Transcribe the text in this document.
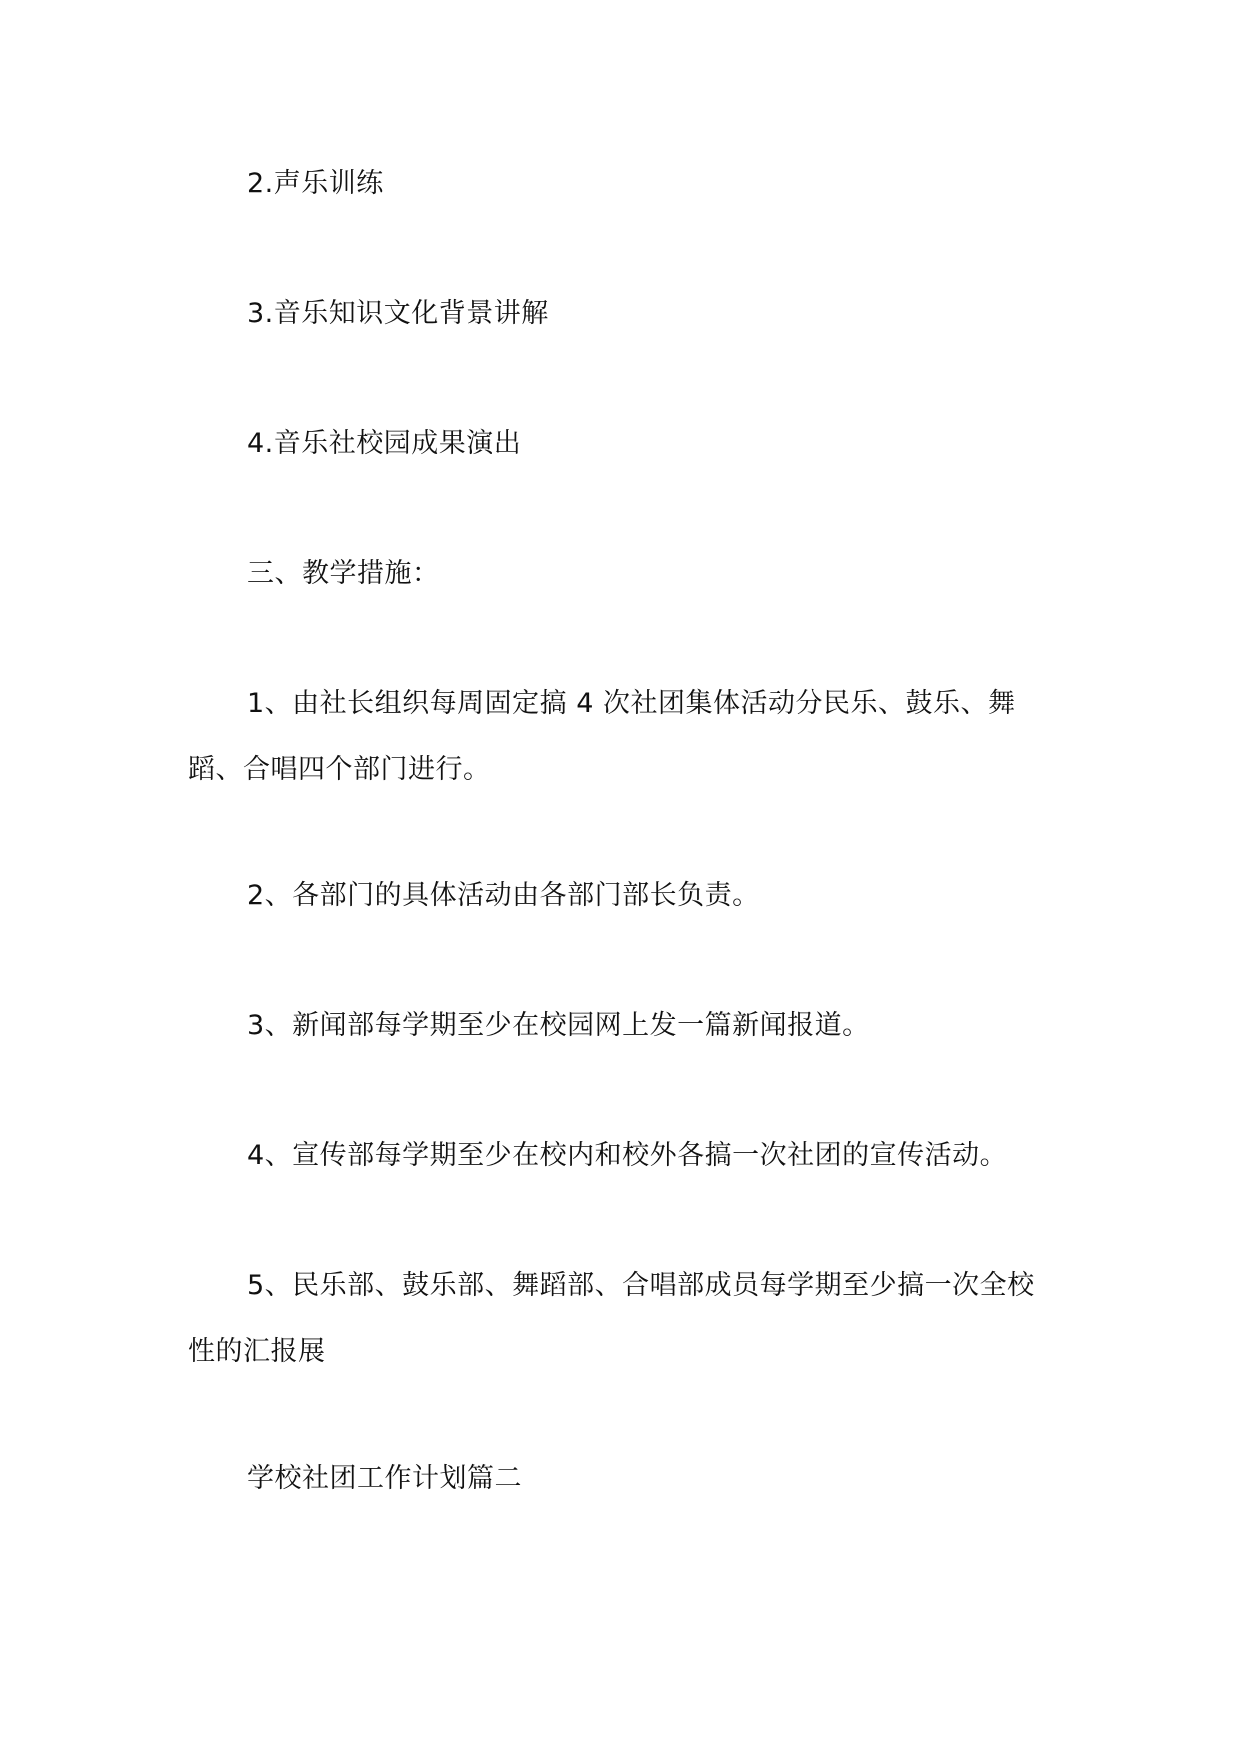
2.声乐训练

3.音乐知识文化背景讲解

4.音乐社校园成果演出

三、教学措施：

1、由社长组织每周固定搞 4 次社团集体活动分民乐、鼓乐、舞蹈、合唱四个部门进行。

2、各部门的具体活动由各部门部长负责。

3、新闻部每学期至少在校园网上发一篇新闻报道。

4、宣传部每学期至少在校内和校外各搞一次社团的宣传活动。

5、民乐部、鼓乐部、舞蹈部、合唱部成员每学期至少搞一次全校性的汇报展

学校社团工作计划篇二
